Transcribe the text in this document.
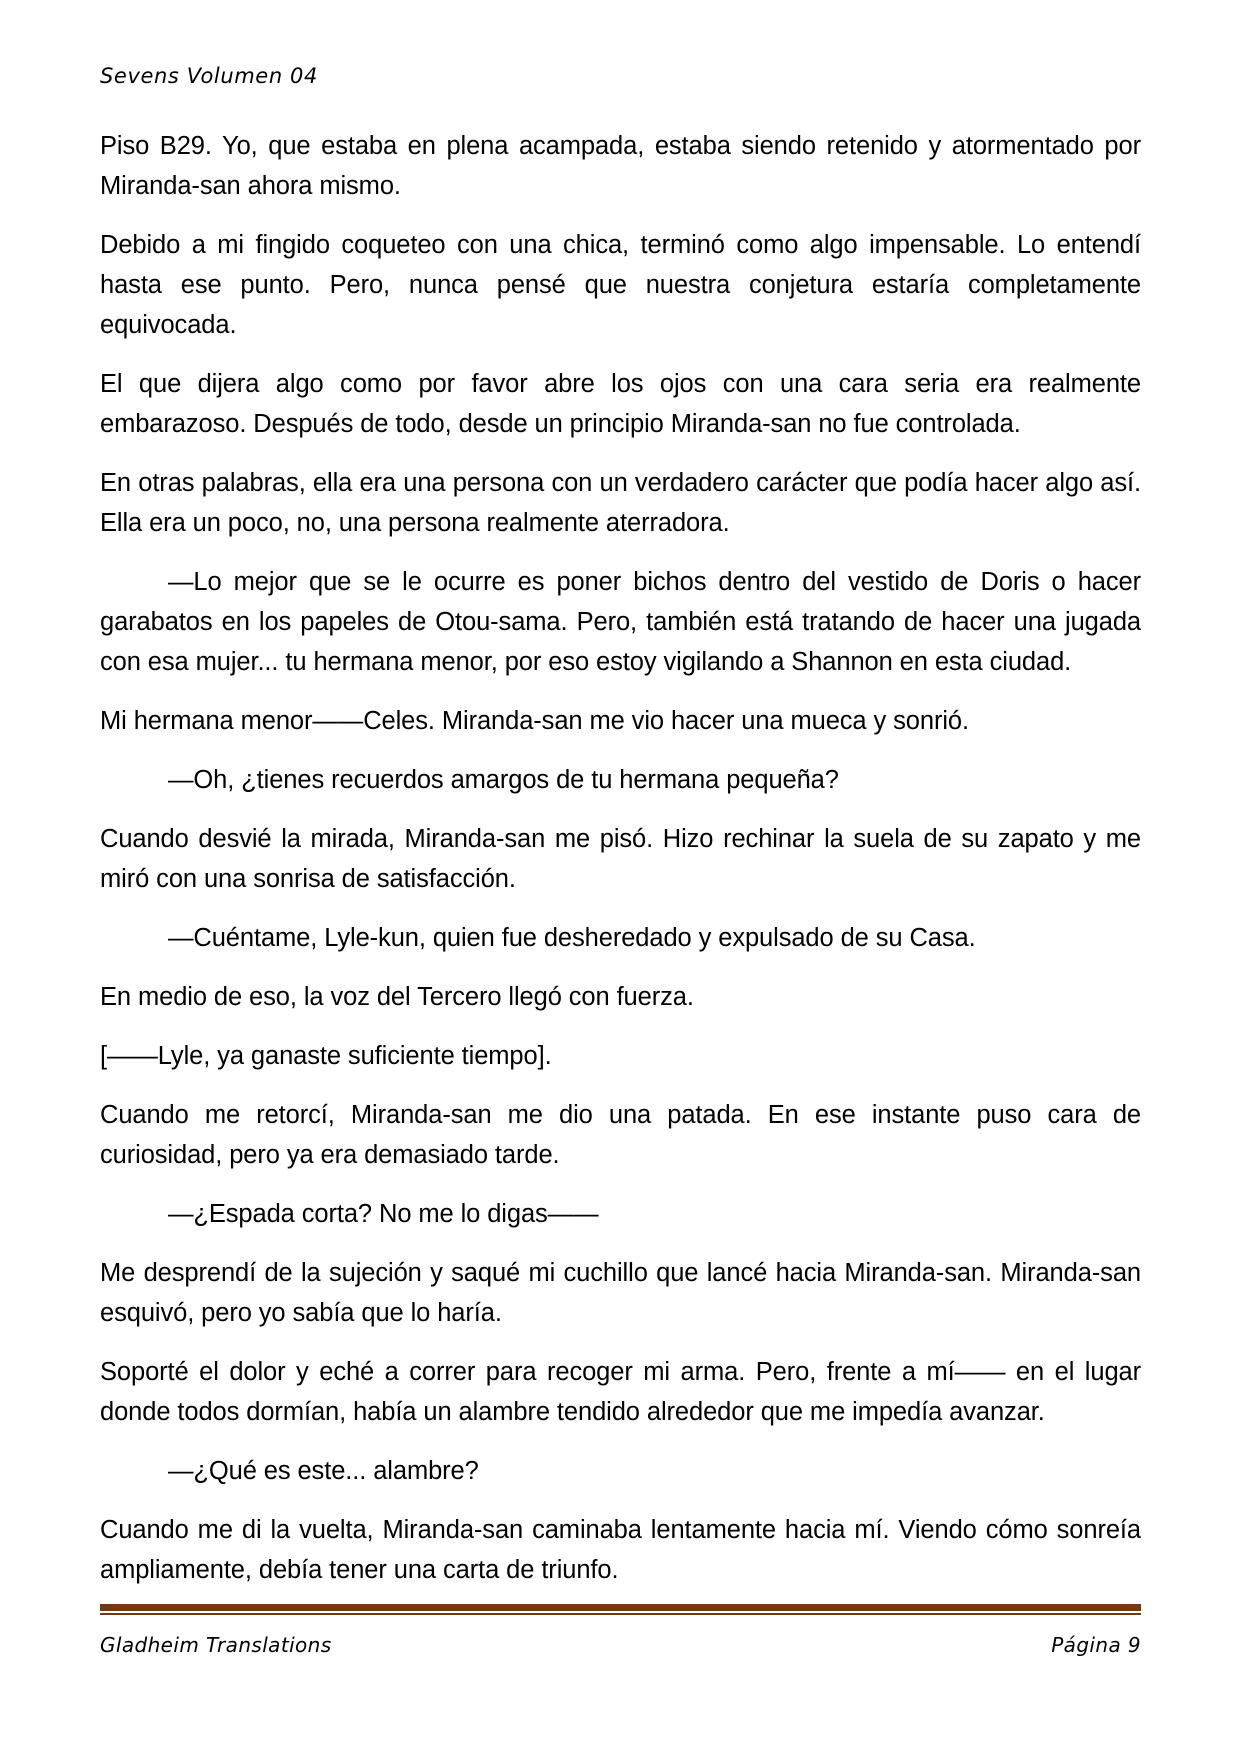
Sevens Volumen 04

Piso B29. Yo, que estaba en plena acampada, estaba siendo retenido y atormentado por Miranda-san ahora mismo.

Debido a mi fingido coqueteo con una chica, terminó como algo impensable. Lo entendí hasta ese punto. Pero, nunca pensé que nuestra conjetura estaría completamente equivocada.

El que dijera algo como por favor abre los ojos con una cara seria era realmente embarazoso. Después de todo, desde un principio Miranda-san no fue controlada.

En otras palabras, ella era una persona con un verdadero carácter que podía hacer algo así. Ella era un poco, no, una persona realmente aterradora.

—Lo mejor que se le ocurre es poner bichos dentro del vestido de Doris o hacer garabatos en los papeles de Otou-sama. Pero, también está tratando de hacer una jugada con esa mujer... tu hermana menor, por eso estoy vigilando a Shannon en esta ciudad.

Mi hermana menor——Celes. Miranda-san me vio hacer una mueca y sonrió.

—Oh, ¿tienes recuerdos amargos de tu hermana pequeña?

Cuando desvié la mirada, Miranda-san me pisó. Hizo rechinar la suela de su zapato y me miró con una sonrisa de satisfacción.

—Cuéntame, Lyle-kun, quien fue desheredado y expulsado de su Casa.

En medio de eso, la voz del Tercero llegó con fuerza.

[——Lyle, ya ganaste suficiente tiempo].

Cuando me retorcí, Miranda-san me dio una patada. En ese instante puso cara de curiosidad, pero ya era demasiado tarde.

—¿Espada corta? No me lo digas——

Me desprendí de la sujeción y saqué mi cuchillo que lancé hacia Miranda-san. Miranda-san esquivó, pero yo sabía que lo haría.

Soporté el dolor y eché a correr para recoger mi arma. Pero, frente a mí—— en el lugar donde todos dormían, había un alambre tendido alrededor que me impedía avanzar.

—¿Qué es este... alambre?

Cuando me di la vuelta, Miranda-san caminaba lentamente hacia mí. Viendo cómo sonreía ampliamente, debía tener una carta de triunfo.

Gladheim Translations	Página 9
